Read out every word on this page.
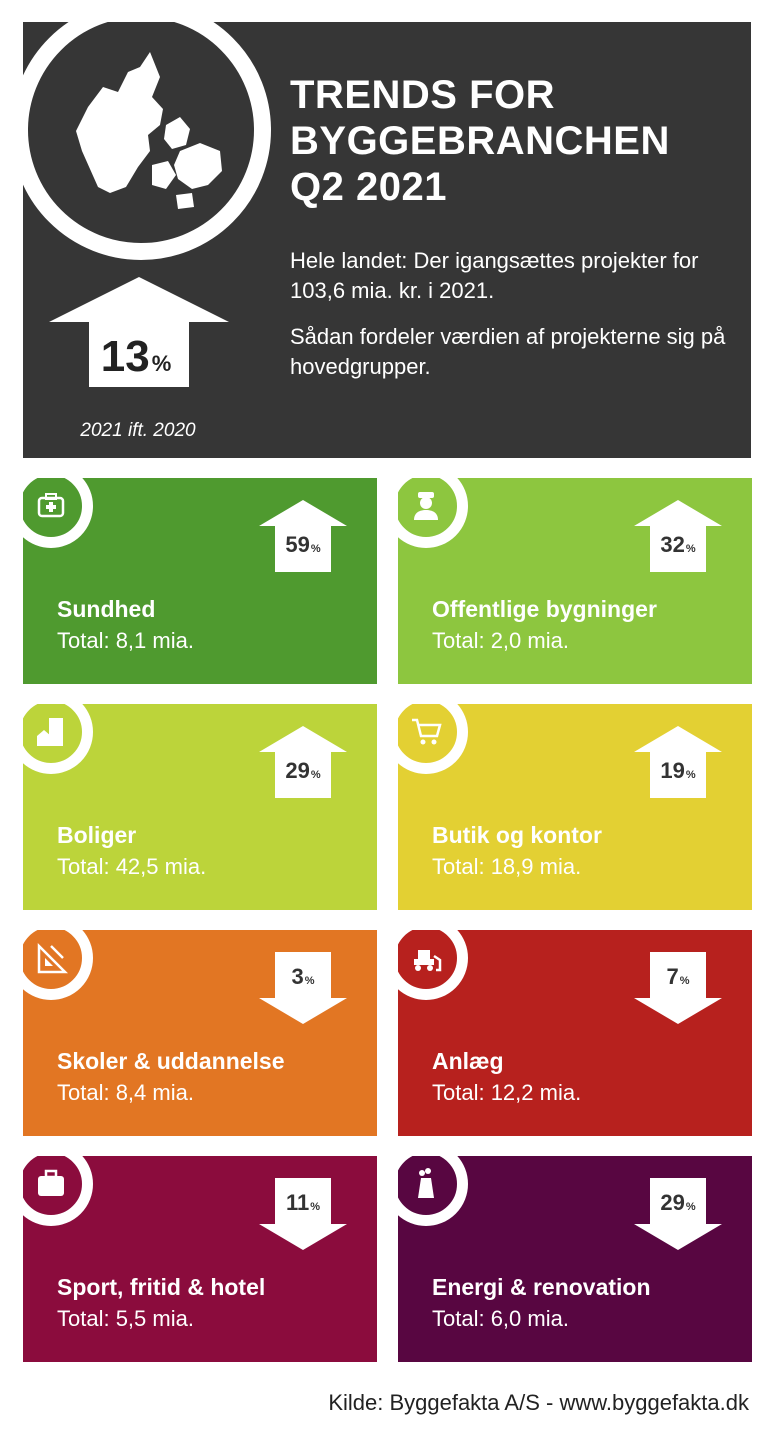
13%
2021 ift. 2020
TRENDS FOR
BYGGEBRANCHEN
Q2 2021

Hele landet: Der igangsættes projekter for 103,6 mia. kr. i 2021.

Sådan fordeler værdien af projekterne sig på hovedgrupper.

59%
Sundhed
Total: 8,1 mia.
32%
Offentlige bygninger
Total: 2,0 mia.
29%
Boliger
Total: 42,5 mia.
19%
Butik og kontor
Total: 18,9 mia.
3%
Skoler & uddannelse
Total: 8,4 mia.
7%
Anlæg
Total: 12,2 mia.
11%
Sport, fritid & hotel
Total: 5,5 mia.
29%
Energi & renovation
Total: 6,0 mia.
Kilde: Byggefakta A/S - www.byggefakta.dk
